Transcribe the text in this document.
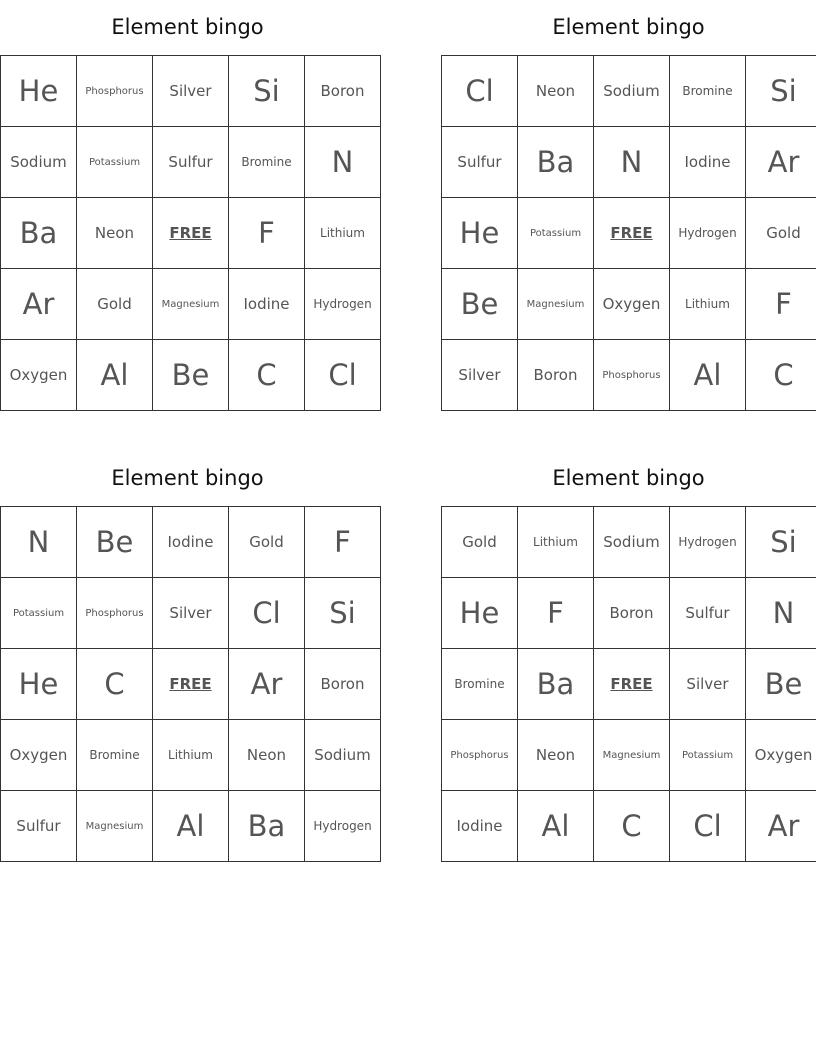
Element bingo
He	Phosphorus	Silver	Si	Boron
Sodium	Potassium	Sulfur	Bromine	N
Ba	Neon	FREE	F	Lithium
Ar	Gold	Magnesium	Iodine	Hydrogen
Oxygen	Al	Be	C	Cl
Element bingo
Cl	Neon	Sodium	Bromine	Si
Sulfur	Ba	N	Iodine	Ar
He	Potassium	FREE	Hydrogen	Gold
Be	Magnesium	Oxygen	Lithium	F
Silver	Boron	Phosphorus	Al	C
Element bingo
N	Be	Iodine	Gold	F
Potassium	Phosphorus	Silver	Cl	Si
He	C	FREE	Ar	Boron
Oxygen	Bromine	Lithium	Neon	Sodium
Sulfur	Magnesium	Al	Ba	Hydrogen
Element bingo
Gold	Lithium	Sodium	Hydrogen	Si
He	F	Boron	Sulfur	N
Bromine	Ba	FREE	Silver	Be
Phosphorus	Neon	Magnesium	Potassium	Oxygen
Iodine	Al	C	Cl	Ar
